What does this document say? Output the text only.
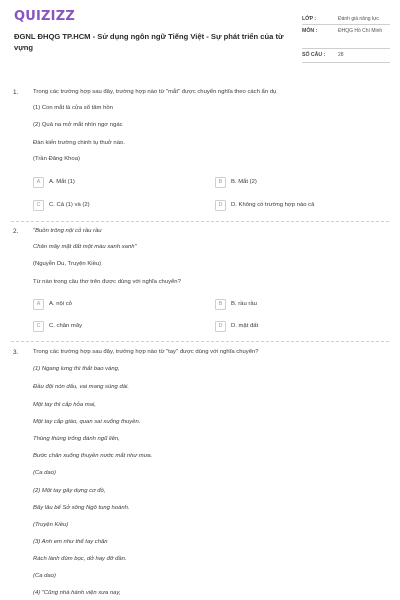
QUIZIZZ
ĐGNL ĐHQG TP.HCM - Sử dụng ngôn ngữ Tiếng Việt - Sự phát triển của từ vựng
LỚP :	Đánh giá năng lực
MÔN :	ĐHQG Hồ Chí Minh
SỐ CÂU :	28
1. Trong các trường hợp sau đây, trường hợp nào từ "mắt" được chuyển nghĩa theo cách ẩn dụ
(1) Con mắt là cửa sổ tâm hồn
(2) Quả na mở mắt nhìn ngơ ngác
Đàn kiến trường chinh tụ thuở nào.
(Trần Đăng Khoa)
A	A. Mắt (1)	B	B. Mắt (2)
C	C. Cả (1) và (2)	D	D. Không có trường hợp nào cả
2. "Buồn trông nội cỏ rầu rầu
Chân mây mặt đất một màu xanh xanh"
(Nguyễn Du, Truyện Kiều)
Từ nào trong câu thơ trên được dùng với nghĩa chuyển?
A	A. nội cỏ	B	B. rầu rầu
C	C. chân mây	D	D. mặt đất
3. Trong các trường hợp sau đây, trường hợp nào từ "tay" được dùng với nghĩa chuyển?
(1) Ngang lưng thì thắt bao vàng,
Đầu đội nón dấu, vai mang súng dài.
Một tay thì cắp hỏa mai,
Một tay cắp giáo, quan sai xuống thuyền.
Thùng thùng trống đánh ngũ liên,
Bước chân xuống thuyền nước mắt như mưa.
(Ca dao)
(2) Một tay gây dựng cơ đồ,
Bấy lâu bể Sở sông Ngô tung hoành.
(Truyện Kiều)
(3) Anh em như thể tay chân
Rách lành đùm bọc, dở hay đỡ đần.
(Ca dao)
(4) "Cũng nhà hành viện xưa nay,
